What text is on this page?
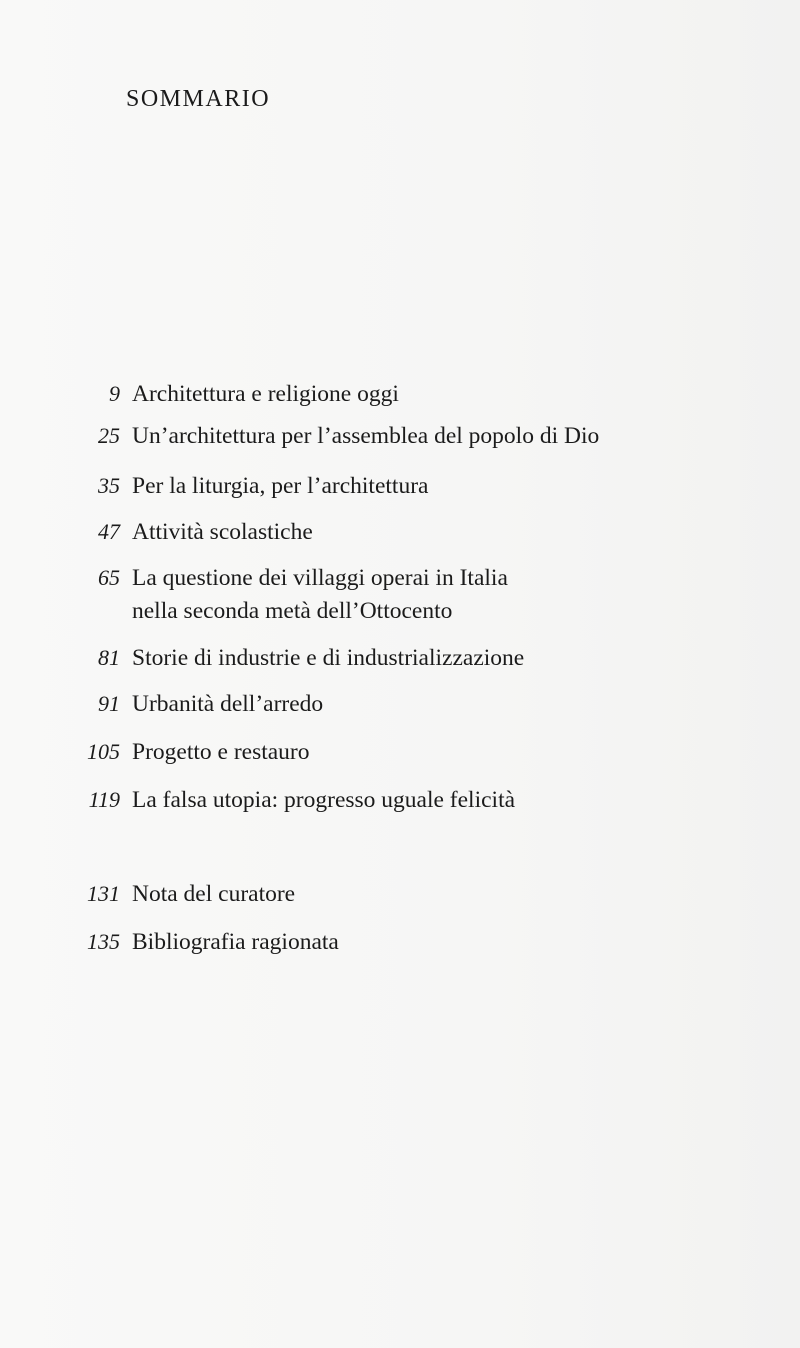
SOMMARIO
9 Architettura e religione oggi
25 Un’architettura per l’assemblea del popolo di Dio
35 Per la liturgia, per l’architettura
47 Attività scolastiche
65 La questione dei villaggi operai in Italia
nella seconda metà dell’Ottocento
81 Storie di industrie e di industrializzazione
91 Urbanità dell’arredo
105 Progetto e restauro
119 La falsa utopia: progresso uguale felicità
131 Nota del curatore
135 Bibliografia ragionata
